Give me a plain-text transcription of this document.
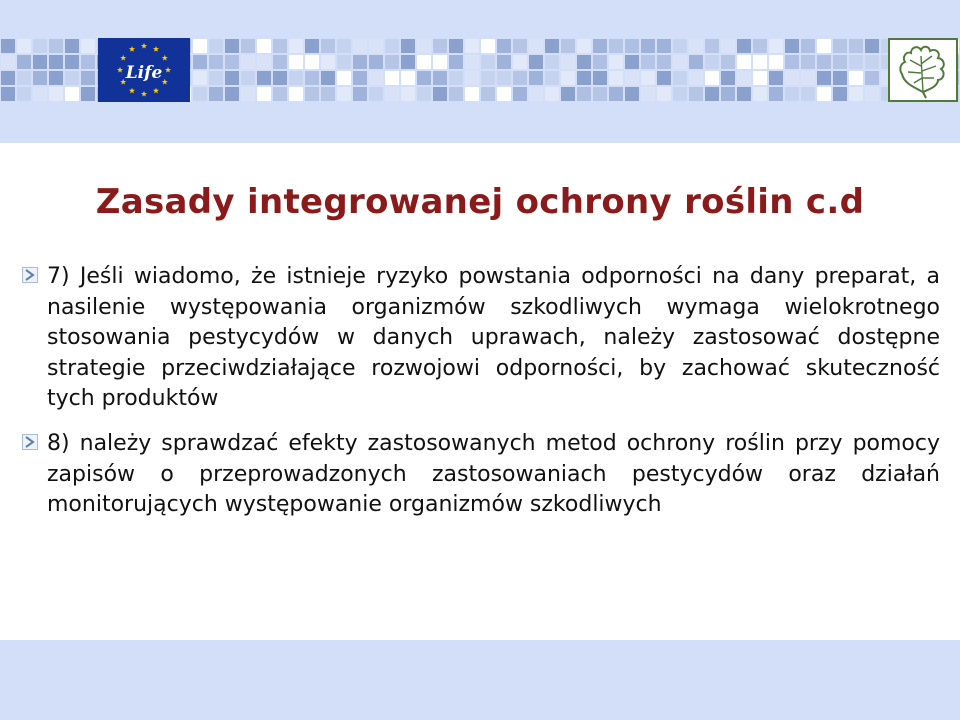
Life
Zasady integrowanej ochrony roślin c.d
7) Jeśli wiadomo, że istnieje ryzyko powstania odporności na dany preparat, a nasilenie występowania organizmów szkodliwych wymaga wielokrotnego stosowania pestycydów w danych uprawach, należy zastosować dostępne strategie przeciwdziałające rozwojowi odporności, by zachować skuteczność tych produktów
8) należy sprawdzać efekty zastosowanych metod ochrony roślin przy pomocy zapisów o przeprowadzonych zastosowaniach pestycydów oraz działań monitorujących występowanie organizmów szkodliwych
